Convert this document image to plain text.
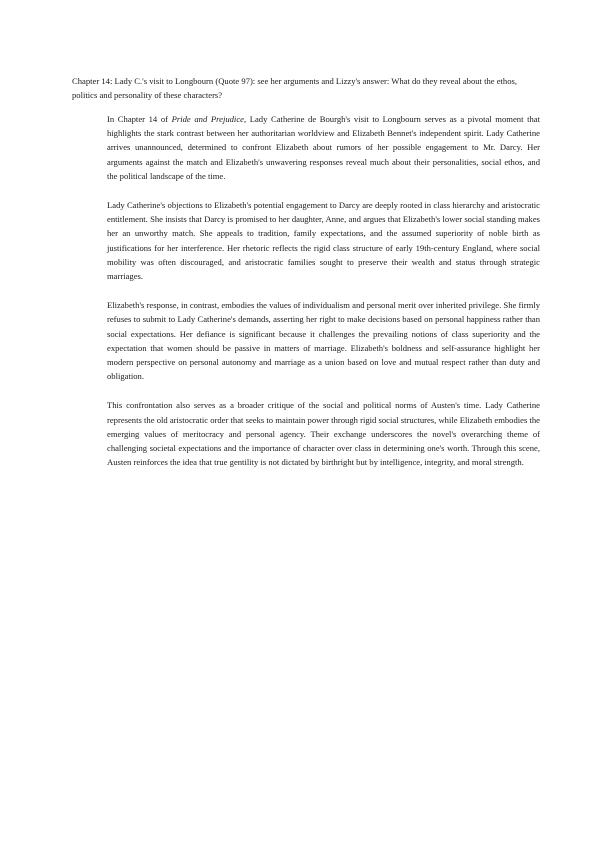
Chapter 14: Lady C.'s visit to Longbourn (Quote 97): see her arguments and Lizzy's answer: What do they reveal about the ethos, politics and personality of these characters?

In Chapter 14 of Pride and Prejudice, Lady Catherine de Bourgh's visit to Longbourn serves as a pivotal moment that highlights the stark contrast between her authoritarian worldview and Elizabeth Bennet's independent spirit. Lady Catherine arrives unannounced, determined to confront Elizabeth about rumors of her possible engagement to Mr. Darcy. Her arguments against the match and Elizabeth's unwavering responses reveal much about their personalities, social ethos, and the political landscape of the time.

Lady Catherine's objections to Elizabeth's potential engagement to Darcy are deeply rooted in class hierarchy and aristocratic entitlement. She insists that Darcy is promised to her daughter, Anne, and argues that Elizabeth's lower social standing makes her an unworthy match. She appeals to tradition, family expectations, and the assumed superiority of noble birth as justifications for her interference. Her rhetoric reflects the rigid class structure of early 19th-century England, where social mobility was often discouraged, and aristocratic families sought to preserve their wealth and status through strategic marriages.

Elizabeth's response, in contrast, embodies the values of individualism and personal merit over inherited privilege. She firmly refuses to submit to Lady Catherine's demands, asserting her right to make decisions based on personal happiness rather than social expectations. Her defiance is significant because it challenges the prevailing notions of class superiority and the expectation that women should be passive in matters of marriage. Elizabeth's boldness and self-assurance highlight her modern perspective on personal autonomy and marriage as a union based on love and mutual respect rather than duty and obligation.

This confrontation also serves as a broader critique of the social and political norms of Austen's time. Lady Catherine represents the old aristocratic order that seeks to maintain power through rigid social structures, while Elizabeth embodies the emerging values of meritocracy and personal agency. Their exchange underscores the novel's overarching theme of challenging societal expectations and the importance of character over class in determining one's worth. Through this scene, Austen reinforces the idea that true gentility is not dictated by birthright but by intelligence, integrity, and moral strength.
